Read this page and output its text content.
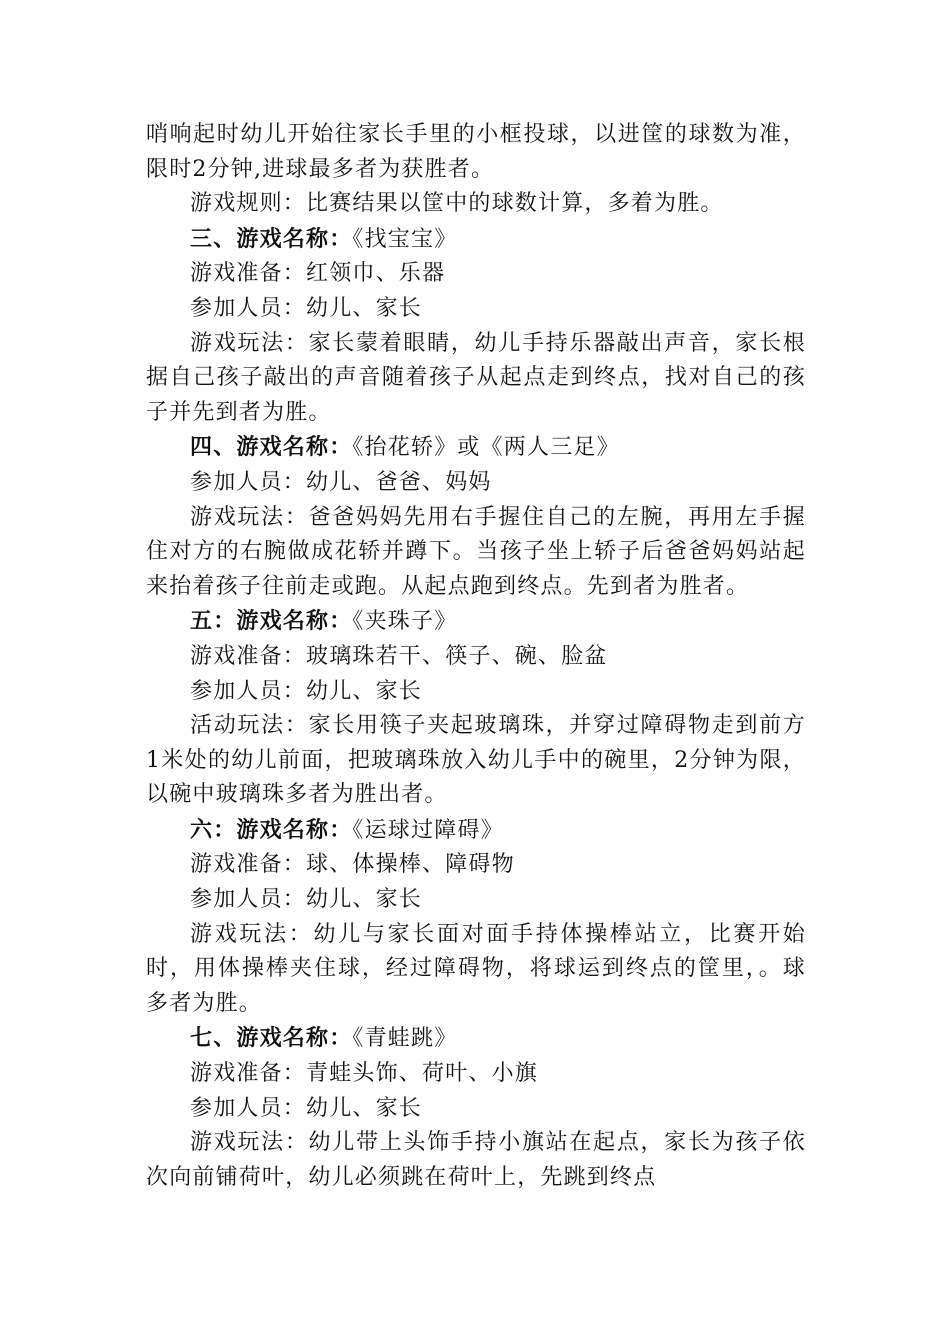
哨响起时幼儿开始往家长手里的小框投球，以进筐的球数为准，限时2分钟,进球最多者为获胜者。

游戏规则：比赛结果以筐中的球数计算，多着为胜。

三、游戏名称：《找宝宝》

游戏准备：红领巾、乐器

参加人员：幼儿、家长

游戏玩法：家长蒙着眼睛，幼儿手持乐器敲出声音，家长根据自己孩子敲出的声音随着孩子从起点走到终点，找对自己的孩子并先到者为胜。

四、游戏名称：《抬花轿》或《两人三足》

参加人员：幼儿、爸爸、妈妈

游戏玩法：爸爸妈妈先用右手握住自己的左腕，再用左手握住对方的右腕做成花轿并蹲下。当孩子坐上轿子后爸爸妈妈站起来抬着孩子往前走或跑。从起点跑到终点。先到者为胜者。

五：游戏名称：《夹珠子》

游戏准备：玻璃珠若干、筷子、碗、脸盆

参加人员：幼儿、家长

活动玩法：家长用筷子夹起玻璃珠，并穿过障碍物走到前方1米处的幼儿前面，把玻璃珠放入幼儿手中的碗里，2分钟为限，以碗中玻璃珠多者为胜出者。

六：游戏名称：《运球过障碍》

游戏准备：球、体操棒、障碍物

参加人员：幼儿、家长

游戏玩法：幼儿与家长面对面手持体操棒站立，比赛开始时，用体操棒夹住球，经过障碍物，将球运到终点的筐里，。球多者为胜。

七、游戏名称：《青蛙跳》

游戏准备：青蛙头饰、荷叶、小旗

参加人员：幼儿、家长

游戏玩法：幼儿带上头饰手持小旗站在起点，家长为孩子依次向前铺荷叶，幼儿必须跳在荷叶上，先跳到终点
